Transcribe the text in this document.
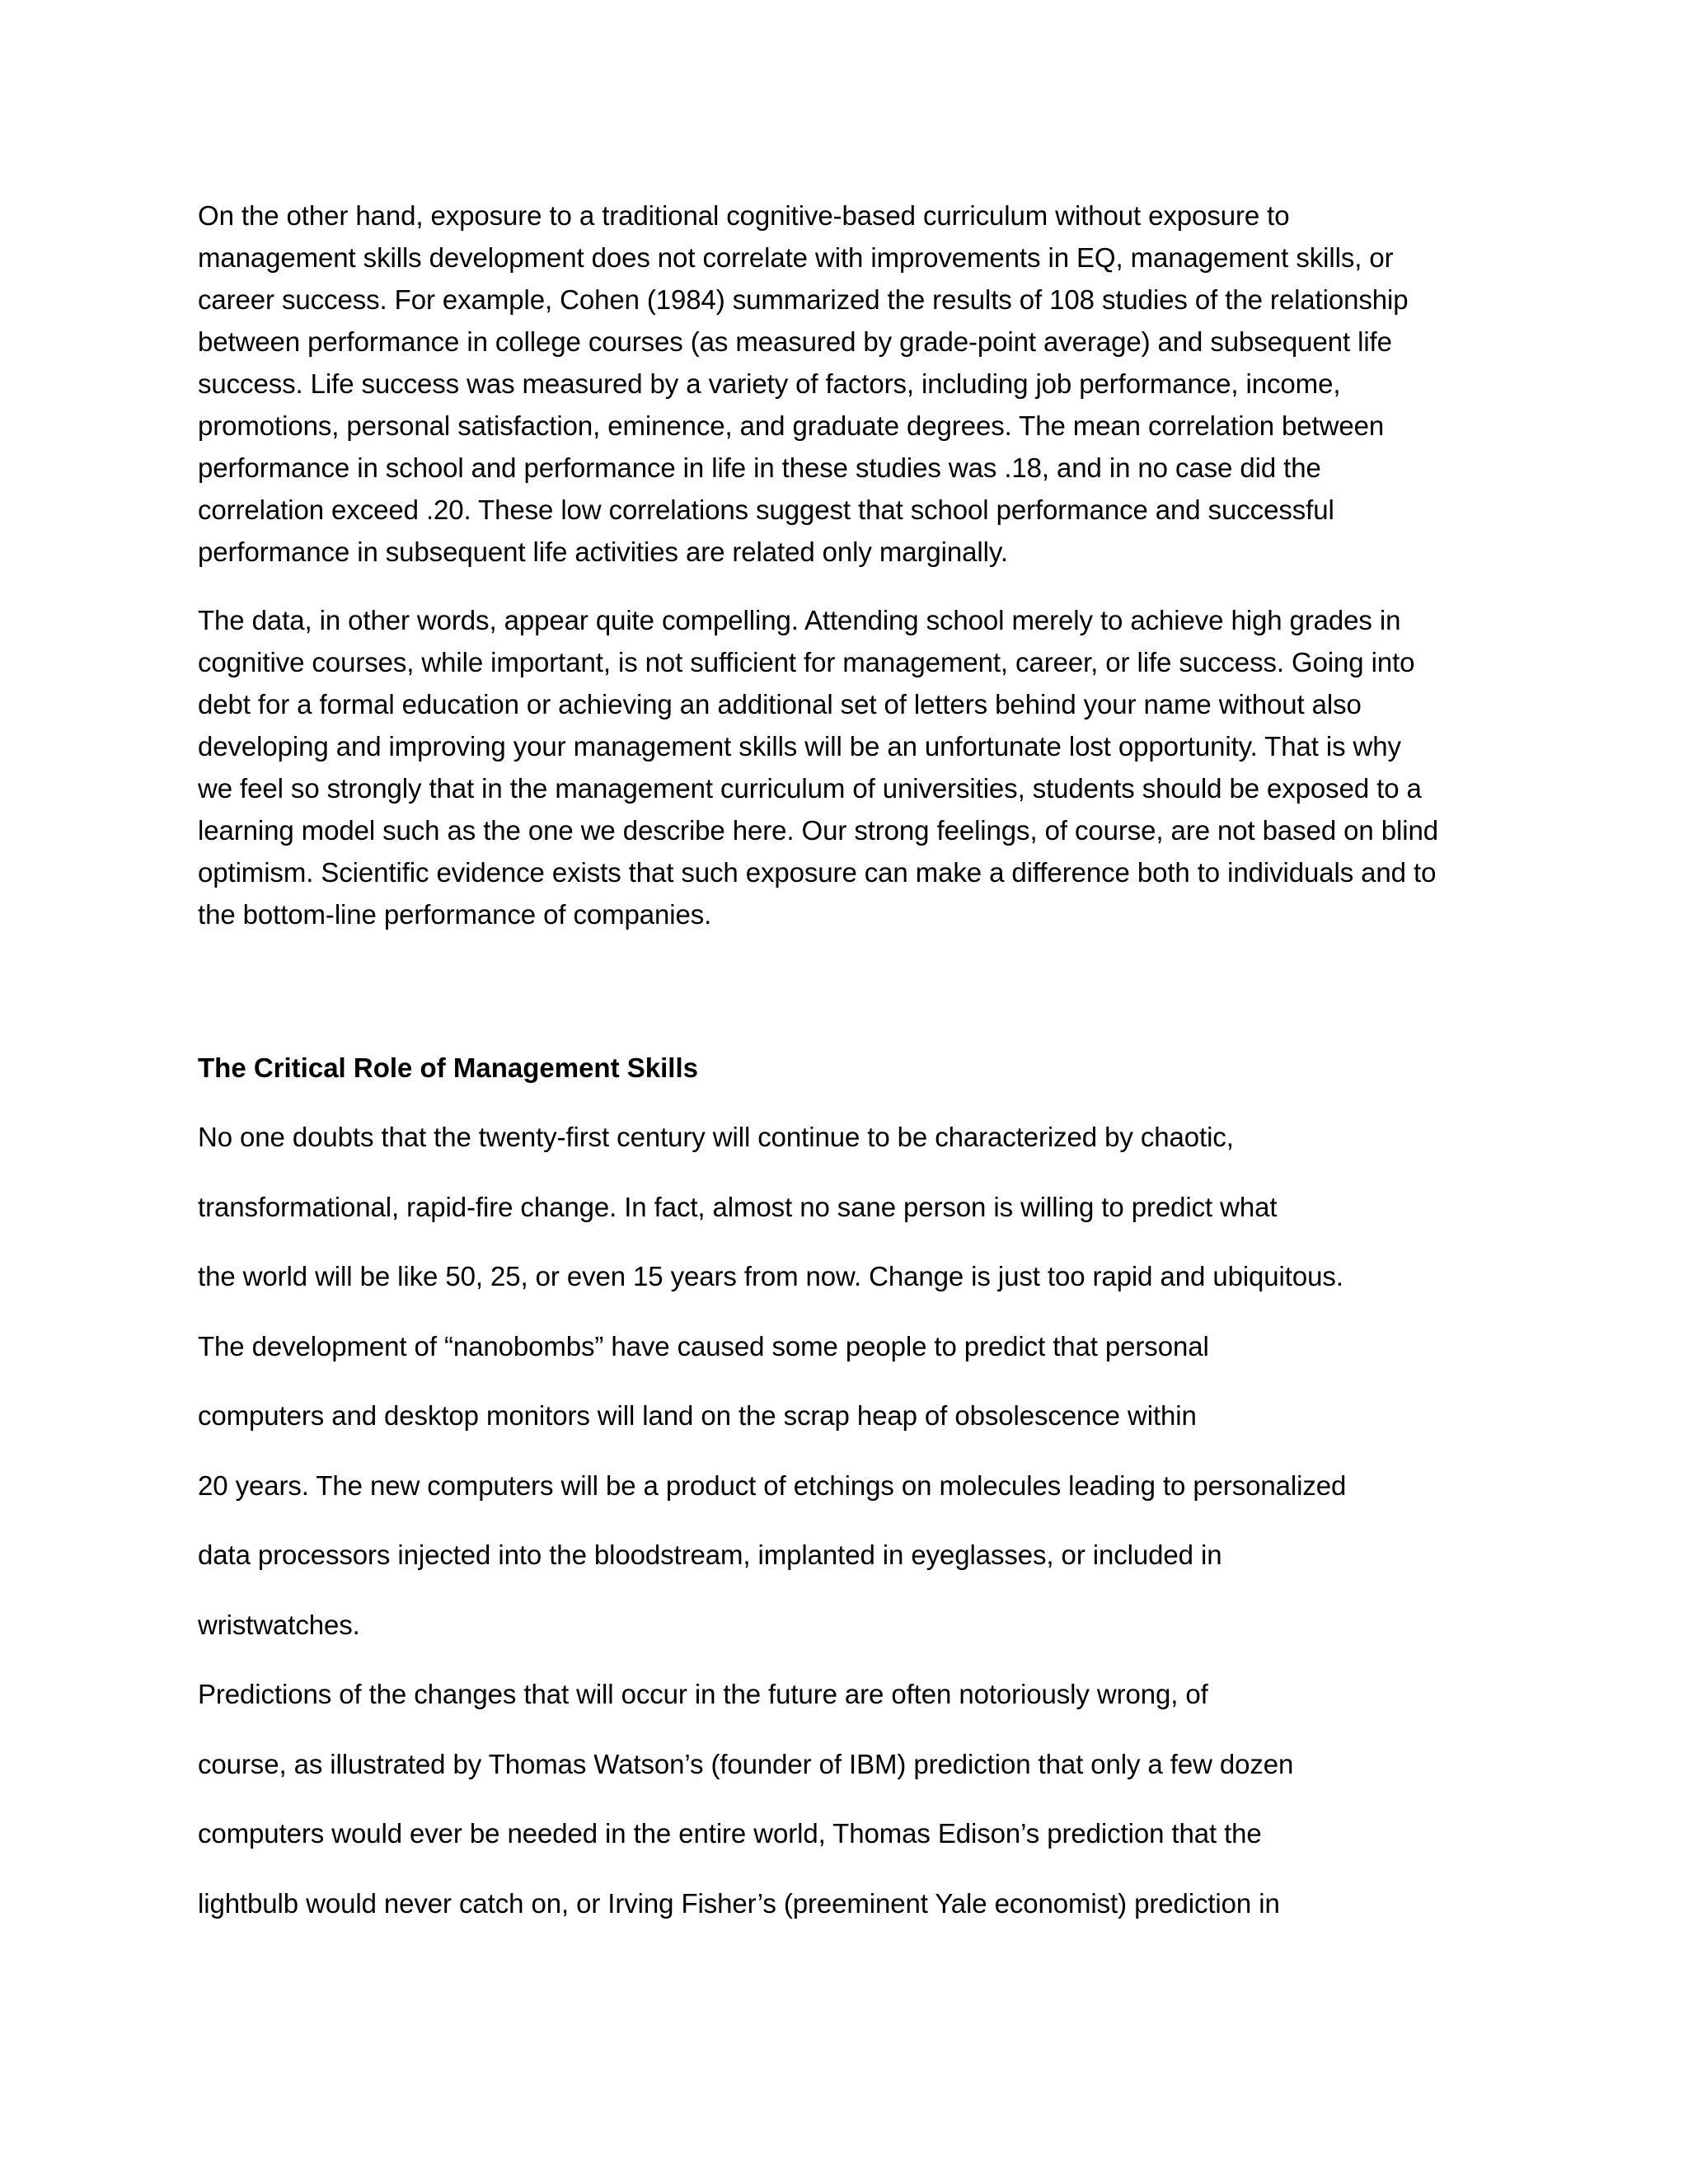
On the other hand, exposure to a traditional cognitive-based curriculum without exposure to
management skills development does not correlate with improvements in EQ, management skills, or
career success. For example, Cohen (1984) summarized the results of 108 studies of the relationship
between performance in college courses (as measured by grade-point average) and subsequent life
success. Life success was measured by a variety of factors, including job performance, income,
promotions, personal satisfaction, eminence, and graduate degrees. The mean correlation between
performance in school and performance in life in these studies was .18, and in no case did the
correlation exceed .20. These low correlations suggest that school performance and successful
performance in subsequent life activities are related only marginally.
The data, in other words, appear quite compelling. Attending school merely to achieve high grades in
cognitive courses, while important, is not sufficient for management, career, or life success. Going into
debt for a formal education or achieving an additional set of letters behind your name without also
developing and improving your management skills will be an unfortunate lost opportunity. That is why
we feel so strongly that in the management curriculum of universities, students should be exposed to a
learning model such as the one we describe here. Our strong feelings, of course, are not based on blind
optimism. Scientific evidence exists that such exposure can make a difference both to individuals and to
the bottom-line performance of companies.
The Critical Role of Management Skills
No one doubts that the twenty-first century will continue to be characterized by chaotic,
transformational, rapid-fire change. In fact, almost no sane person is willing to predict what
the world will be like 50, 25, or even 15 years from now. Change is just too rapid and ubiquitous.
The development of “nanobombs” have caused some people to predict that personal
computers and desktop monitors will land on the scrap heap of obsolescence within
20 years. The new computers will be a product of etchings on molecules leading to personalized
data processors injected into the bloodstream, implanted in eyeglasses, or included in
wristwatches.
Predictions of the changes that will occur in the future are often notoriously wrong, of
course, as illustrated by Thomas Watson’s (founder of IBM) prediction that only a few dozen
computers would ever be needed in the entire world, Thomas Edison’s prediction that the
lightbulb would never catch on, or Irving Fisher’s (preeminent Yale economist) prediction in
